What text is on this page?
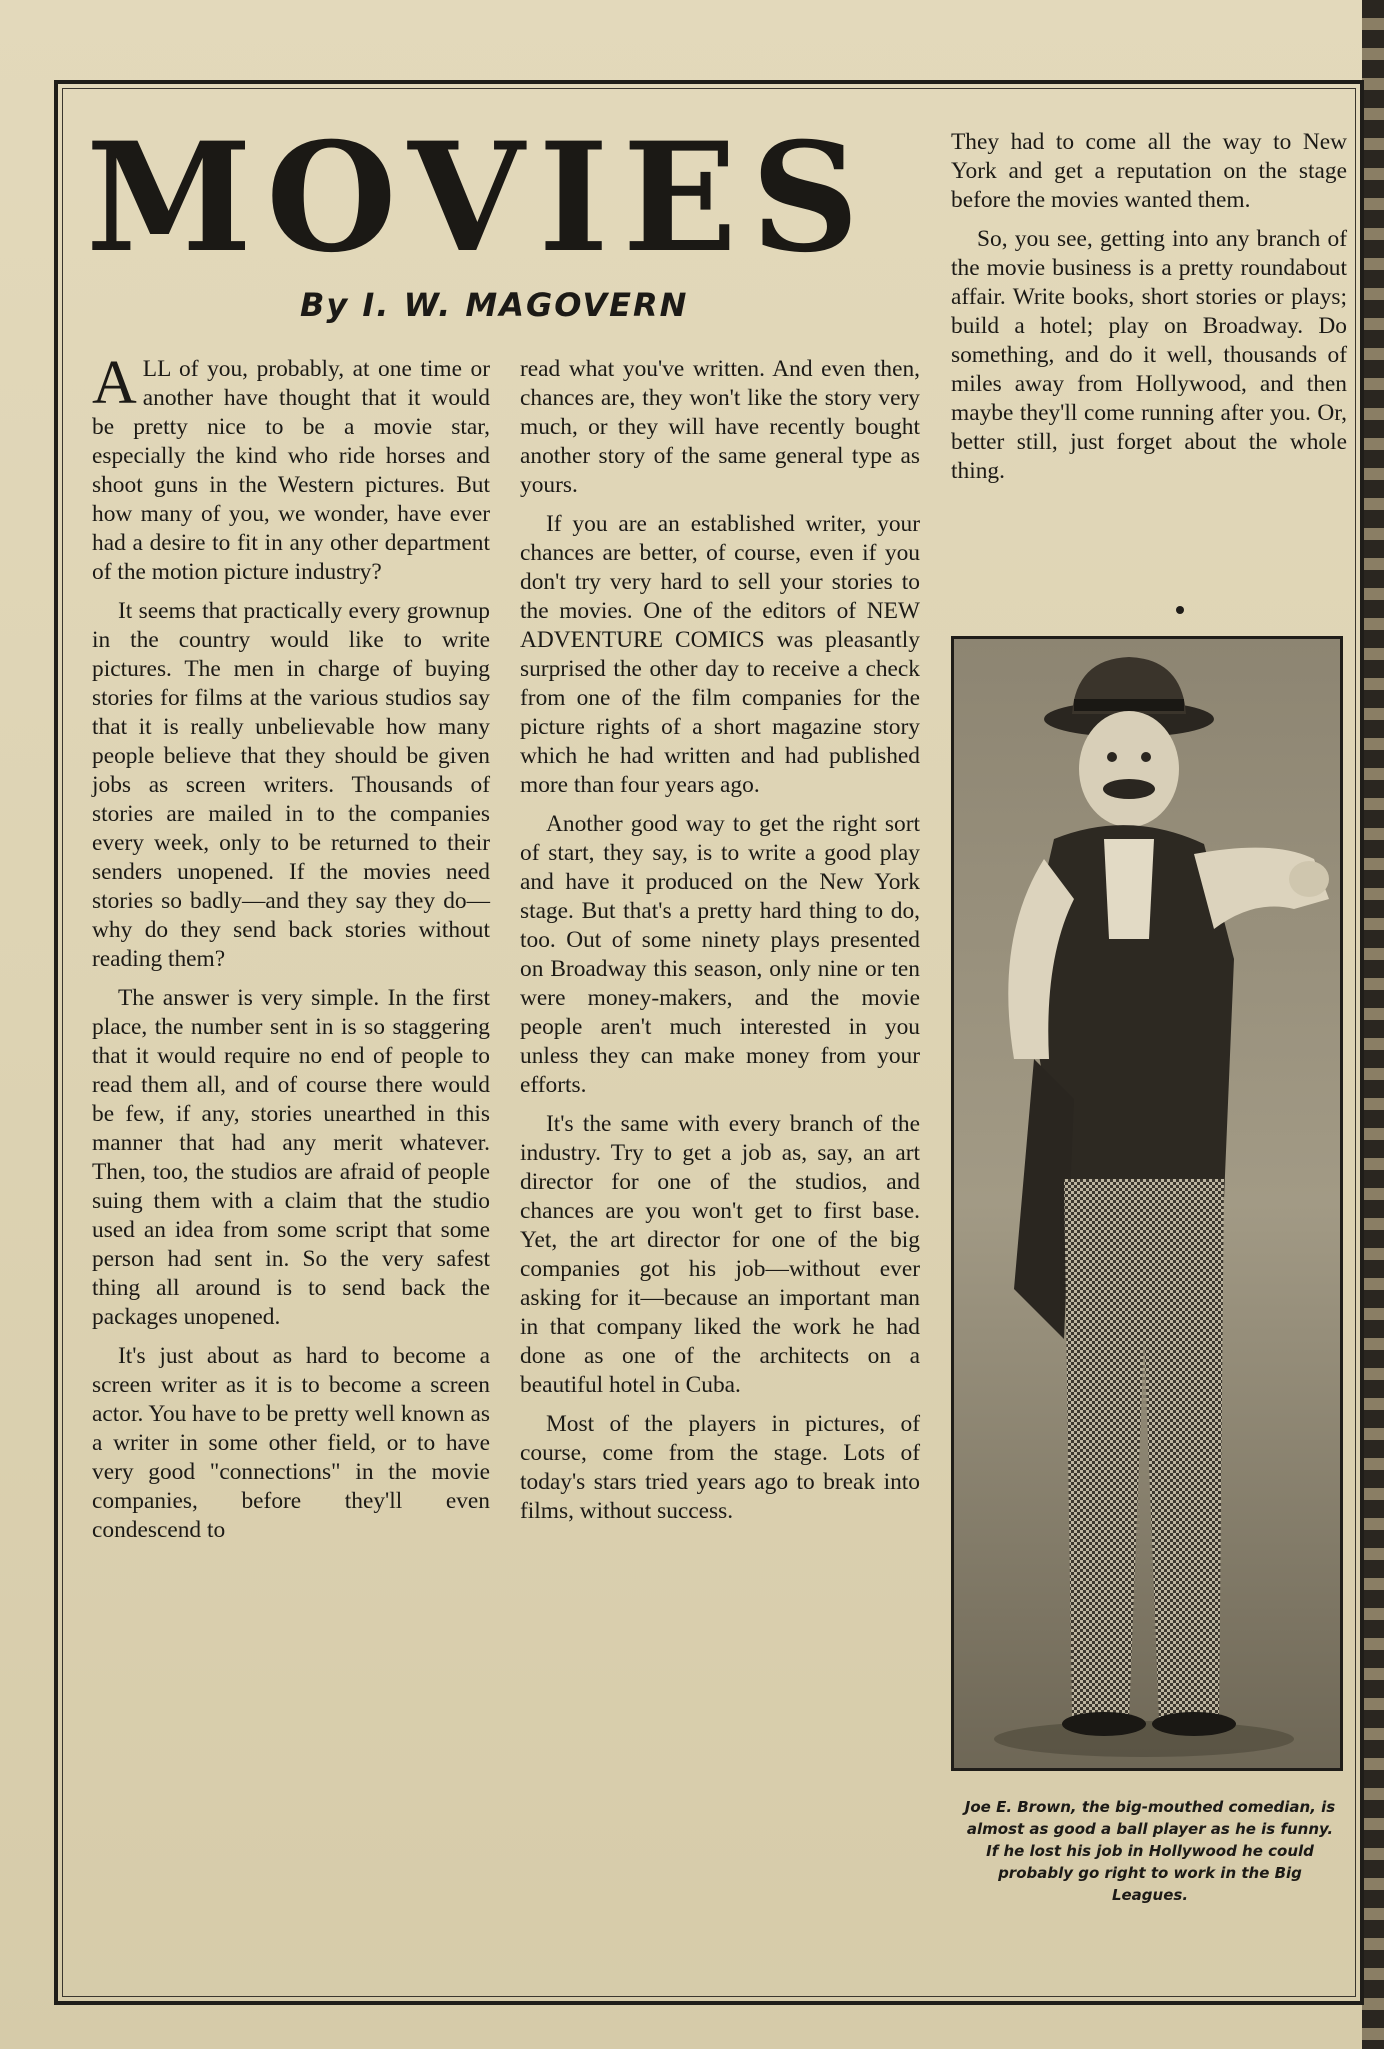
MOVIES
By I. W. MAGOVERN

ALL of you, probably, at one time or another have thought that it would be pretty nice to be a movie star, especially the kind who ride horses and shoot guns in the Western pictures. But how many of you, we wonder, have ever had a desire to fit in any other department of the motion picture industry?

It seems that practically every grownup in the country would like to write pictures. The men in charge of buying stories for films at the various studios say that it is really unbelievable how many people believe that they should be given jobs as screen writers. Thousands of stories are mailed in to the companies every week, only to be returned to their senders unopened. If the movies need stories so badly—and they say they do—why do they send back stories without reading them?

The answer is very simple. In the first place, the number sent in is so staggering that it would require no end of people to read them all, and of course there would be few, if any, stories unearthed in this manner that had any merit whatever. Then, too, the studios are afraid of people suing them with a claim that the studio used an idea from some script that some person had sent in. So the very safest thing all around is to send back the packages unopened.

It's just about as hard to become a screen writer as it is to become a screen actor. You have to be pretty well known as a writer in some other field, or to have very good "connections" in the movie companies, before they'll even condescend to

read what you've written. And even then, chances are, they won't like the story very much, or they will have recently bought another story of the same general type as yours.

If you are an established writer, your chances are better, of course, even if you don't try very hard to sell your stories to the movies. One of the editors of NEW ADVENTURE COMICS was pleasantly surprised the other day to receive a check from one of the film companies for the picture rights of a short magazine story which he had written and had published more than four years ago.

Another good way to get the right sort of start, they say, is to write a good play and have it produced on the New York stage. But that's a pretty hard thing to do, too. Out of some ninety plays presented on Broadway this season, only nine or ten were money-makers, and the movie people aren't much interested in you unless they can make money from your efforts.

It's the same with every branch of the industry. Try to get a job as, say, an art director for one of the studios, and chances are you won't get to first base. Yet, the art director for one of the big companies got his job—without ever asking for it—because an important man in that company liked the work he had done as one of the architects on a beautiful hotel in Cuba.

Most of the players in pictures, of course, come from the stage. Lots of today's stars tried years ago to break into films, without success.

They had to come all the way to New York and get a reputation on the stage before the movies wanted them.

So, you see, getting into any branch of the movie business is a pretty roundabout affair. Write books, short stories or plays; build a hotel; play on Broadway. Do something, and do it well, thousands of miles away from Hollywood, and then maybe they'll come running after you. Or, better still, just forget about the whole thing.

Joe E. Brown, the big-mouthed comedian, is almost as good a ball player as he is funny. If he lost his job in Hollywood he could probably go right to work in the Big Leagues.
